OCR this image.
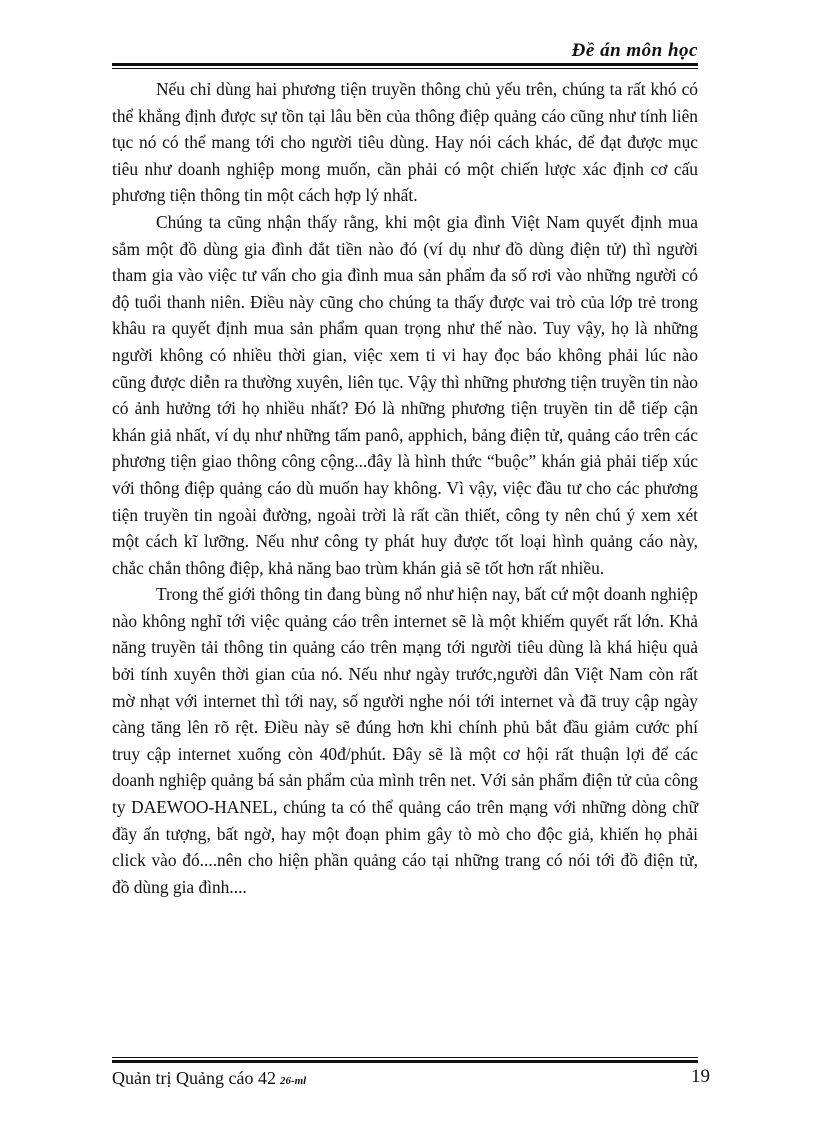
Đề án môn học

Nếu chỉ dùng hai phương tiện truyền thông chủ yếu trên, chúng ta rất khó có thể khẳng định được sự tồn tại lâu bền của thông điệp quảng cáo cũng như tính liên tục nó có thể mang tới cho người tiêu dùng. Hay nói cách khác, để đạt được mục tiêu như doanh nghiệp mong muốn, cần phải có một chiến lược xác định cơ cấu phương tiện thông tin một cách hợp lý nhất.

Chúng ta cũng nhận thấy rằng, khi một gia đình Việt Nam quyết định mua sắm một đồ dùng gia đình đắt tiền nào đó (ví dụ như đồ dùng điện tử) thì người tham gia vào việc tư vấn cho gia đình mua sản phẩm đa số rơi vào những người có độ tuổi thanh niên. Điều này cũng cho chúng ta thấy được vai trò của lớp trẻ trong khâu ra quyết định mua sản phẩm quan trọng như thế nào. Tuy vậy, họ là những người không có nhiều thời gian, việc xem ti vi hay đọc báo không phải lúc nào cũng được diễn ra thường xuyên, liên tục. Vậy thì những phương tiện truyền tin nào có ảnh hưởng tới họ nhiều nhất? Đó là những phương tiện truyền tin dễ tiếp cận khán giả nhất, ví dụ như những tấm panô, apphich, bảng điện tử, quảng cáo trên các phương tiện giao thông công cộng...đây là hình thức “buộc” khán giả phải tiếp xúc với thông điệp quảng cáo dù muốn hay không. Vì vậy, việc đầu tư cho các phương tiện truyền tin ngoài đường, ngoài trời là rất cần thiết, công ty nên chú ý xem xét một cách kĩ lưỡng. Nếu như công ty phát huy được tốt loại hình quảng cáo này, chắc chắn thông điệp, khả năng bao trùm khán giả sẽ tốt hơn rất nhiều.

Trong thế giới thông tin đang bùng nổ như hiện nay, bất cứ một doanh nghiệp nào không nghĩ tới việc quảng cáo trên internet sẽ là một khiếm quyết rất lớn. Khả năng truyền tải thông tin quảng cáo trên mạng tới người tiêu dùng là khá hiệu quả bởi tính xuyên thời gian của nó. Nếu như ngày trước,người dân Việt Nam còn rất mờ nhạt với internet thì tới nay, số người nghe nói tới internet và đã truy cập ngày càng tăng lên rõ rệt. Điều này sẽ đúng hơn khi chính phủ bắt đầu giảm cước phí truy cập internet xuống còn 40đ/phút. Đây sẽ là một cơ hội rất thuận lợi để các doanh nghiệp quảng bá sản phẩm của mình trên net. Với sản phẩm điện tử của công ty DAEWOO-HANEL, chúng ta có thể quảng cáo trên mạng với những dòng chữ đầy ấn tượng, bất ngờ, hay một đoạn phim gây tò mò cho độc giả, khiến họ phải click vào đó....nên cho hiện phần quảng cáo tại những trang có nói tới đồ điện tử, đồ dùng gia đình....

Quản trị Quảng cáo 42 26-ml	19
